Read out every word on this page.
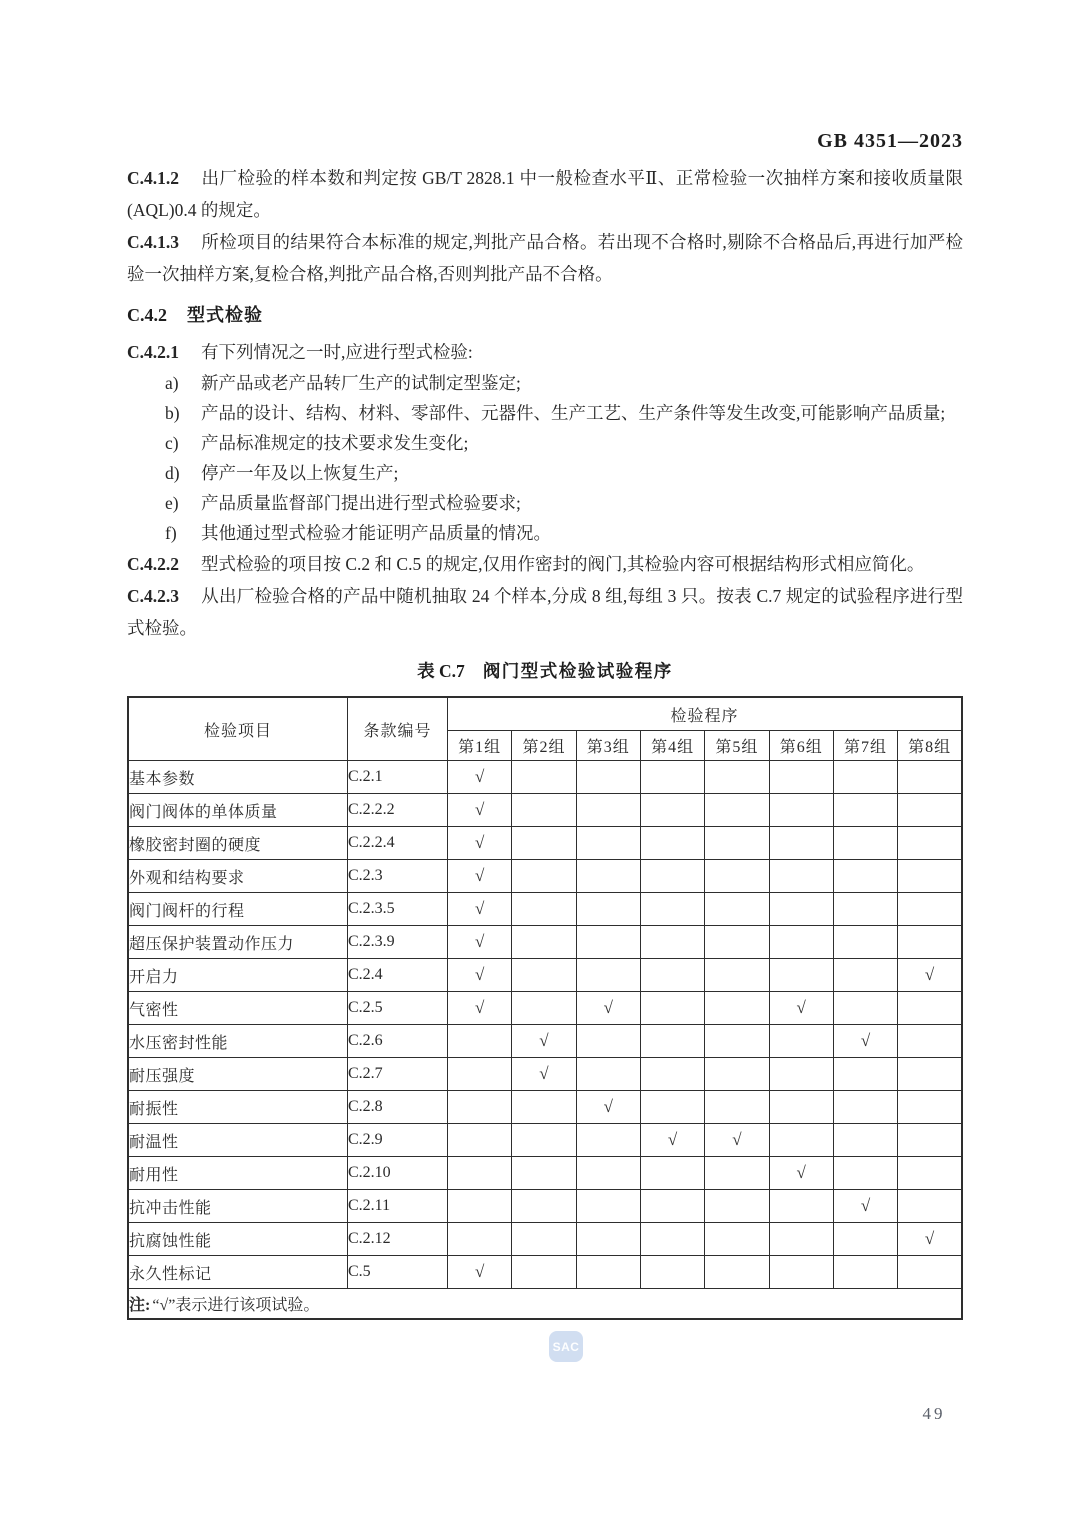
GB 4351—2023

C.4.1.2 出厂检验的样本数和判定按 GB/T 2828.1 中一般检查水平Ⅱ、正常检验一次抽样方案和接收质量限(AQL)0.4 的规定。

C.4.1.3 所检项目的结果符合本标准的规定,判批产品合格。若出现不合格时,剔除不合格品后,再进行加严检验一次抽样方案,复检合格,判批产品合格,否则判批产品不合格。

C.4.2 型式检验

C.4.2.1 有下列情况之一时,应进行型式检验:

a) 新产品或老产品转厂生产的试制定型鉴定;

b) 产品的设计、结构、材料、零部件、元器件、生产工艺、生产条件等发生改变,可能影响产品质量;

c) 产品标准规定的技术要求发生变化;

d) 停产一年及以上恢复生产;

e) 产品质量监督部门提出进行型式检验要求;

f) 其他通过型式检验才能证明产品质量的情况。

C.4.2.2 型式检验的项目按 C.2 和 C.5 的规定,仅用作密封的阀门,其检验内容可根据结构形式相应简化。

C.4.2.3 从出厂检验合格的产品中随机抽取 24 个样本,分成 8 组,每组 3 只。按表 C.7 规定的试验程序进行型式检验。

表 C.7 阀门型式检验试验程序

检验项目	条款编号	检验程序							
		第1组	第2组	第3组	第4组	第5组	第6组	第7组	第8组
基本参数	C.2.1	√							
阀门阀体的单体质量	C.2.2.2	√							
橡胶密封圈的硬度	C.2.2.4	√							
外观和结构要求	C.2.3	√							
阀门阀杆的行程	C.2.3.5	√							
超压保护装置动作压力	C.2.3.9	√							
开启力	C.2.4	√							√
气密性	C.2.5	√		√			√		
水压密封性能	C.2.6		√					√	
耐压强度	C.2.7		√						
耐振性	C.2.8			√					
耐温性	C.2.9				√	√			
耐用性	C.2.10						√		
抗冲击性能	C.2.11							√	
抗腐蚀性能	C.2.12								√
永久性标记	C.5	√							
注: “√”表示进行该项试验。									
SAC
49
